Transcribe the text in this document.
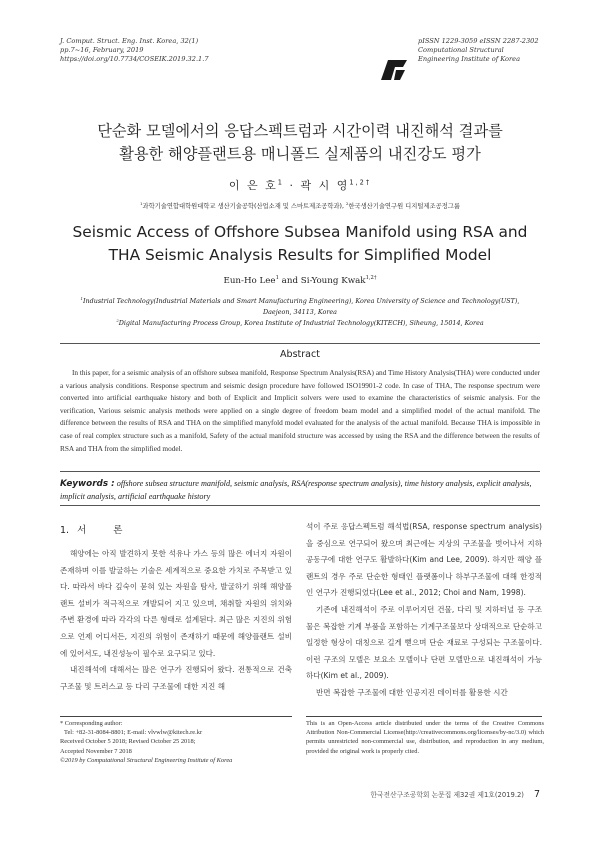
J. Comput. Struct. Eng. Inst. Korea, 32(1)
pp.7~16, February, 2019
https://doi.org/10.7734/COSEIK.2019.32.1.7
pISSN 1229-3059 eISSN 2287-2302
Computational Structural
Engineering Institute of Korea
단순화 모델에서의 응답스펙트럼과 시간이력 내진해석 결과를
활용한 해양플랜트용 매니폴드 실제품의 내진강도 평가
이 은 호$^1$ · 곽 시 영$^{1,2\dagger}$
$^1$과학기술연합대학원대학교 생산기술공학(산업소재 및 스마트제조공학과), $^2$한국생산기술연구원 디지털제조공정그룹
Seismic Access of Offshore Subsea Manifold using RSA and
THA Seismic Analysis Results for Simplified Model
Eun-Ho Lee$^1$ and Si-Young Kwak$^{1,2\dagger}$
$^1$Industrial Technology(Industrial Materials and Smart Manufacturing Engineering), Korea University of Science and Technology(UST),
Daejeon, 34113, Korea
$^2$Digital Manufacturing Process Group, Korea Institute of Industrial Technology(KITECH), Siheung, 15014, Korea
Abstract
In this paper, for a seismic analysis of an offshore subsea manifold, Response Spectrum Analysis(RSA) and Time History Analysis(THA) were conducted under a various analysis conditions. Response spectrum and seismic design procedure have followed ISO19901-2 code. In case of THA, The response spectrum were converted into artificial earthquake history and both of Explicit and Implicit solvers were used to examine the characteristics of seismic analysis. For the verification, Various seismic analysis methods were applied on a single degree of freedom beam model and a simplified model of the actual manifold. The difference between the results of RSA and THA on the simplified manyfold model evaluated for the analysis of the actual manifold. Because THA is impossible in case of real complex structure such as a manifold, Safety of the actual manifold structure was accessed by using the RSA and the difference between the results of RSA and THA from the simplified model.
Keywords : offshore subsea structure manifold, seismic analysis, RSA(response spectrum analysis), time history analysis, explicit analysis, implicit analysis, artificial earthquake history
1. 서 론

해양에는 아직 발견하지 못한 석유나 가스 등의 많은 에너지 자원이 존재하며 이를 발굴하는 기술은 세계적으로 중요한 가치로 주목받고 있다. 따라서 바다 깊숙이 묻혀 있는 자원을 탐사, 발굴하기 위해 해양플랜트 설비가 적극적으로 개발되어 지고 있으며, 채취할 자원의 위치와 주변 환경에 따라 각각의 다른 형태로 설계된다. 최근 많은 지진의 위험으로 언제 어디서든, 지진의 위험이 존재하기 때문에 해양플랜트 설비에 있어서도, 내진성능이 필수로 요구되고 있다.

내진해석에 대해서는 많은 연구가 진행되어 왔다. 전통적으로 건축구조물 및 트러스교 등 다리 구조물에 대한 지진 해

석이 주로 응답스펙트럼 해석법(RSA, response spectrum analysis)을 중심으로 연구되어 왔으며 최근에는 지상의 구조물을 벗어나서 지하공동구에 대한 연구도 활발하다(Kim and Lee, 2009). 하지만 해양 플랜트의 경우 주로 단순한 형태인 플랫폼이나 하부구조물에 대해 한정적인 연구가 진행되었다(Lee et al., 2012; Choi and Nam, 1998).

기존에 내진해석이 주로 이루어지던 건물, 다리 및 지하터널 등 구조물은 복잡한 기계 부품을 포함하는 기계구조물보다 상대적으로 단순하고 일정한 형상이 대칭으로 길게 뻗으며 단순 재료로 구성되는 구조물이다. 이런 구조의 모델은 보요소 모델이나 단편 모델만으로 내진해석이 가능하다(Kim et al., 2009).

반면 복잡한 구조물에 대한 인공지진 데이터를 활용한 시간

* Corresponding author:
Tel: +82-31-8084-8801; E-mail: vlvwlw@kitech.re.kr
Received October 5 2018; Revised October 25 2018;
Accepted November 7 2018
©2019 by Computational Structural Engineering Institute of Korea
This is an Open-Access article distributed under the terms of the Creative Commons Attribution Non-Commercial License(http://creativecommons.org/licenses/by-nc/3.0) which permits unrestricted non-commercial use, distribution, and reproduction in any medium, provided the original work is properly cited.
한국전산구조공학회 논문집 제32권 제1호(2019.2) 7
